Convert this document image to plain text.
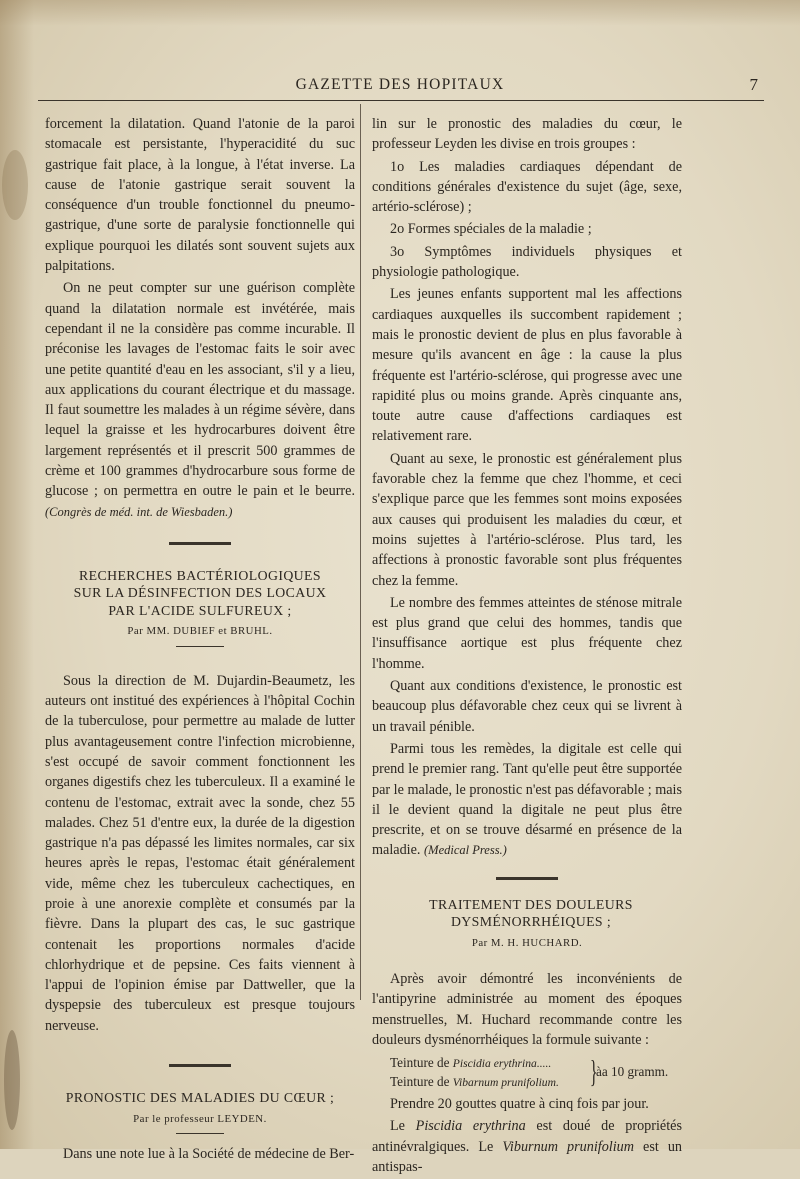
GAZETTE DES HOPITAUX	7

forcement la dilatation. Quand l'atonie de la paroi stomacale est persistante, l'hyperacidité du suc gastrique fait place, à la longue, à l'état inverse. La cause de l'atonie gastrique serait souvent la conséquence d'un trouble fonctionnel du pneumo-gastrique, d'une sorte de paralysie fonctionnelle qui explique pourquoi les dilatés sont souvent sujets aux palpitations.

On ne peut compter sur une guérison complète quand la dilatation normale est invétérée, mais cependant il ne la considère pas comme incurable. Il préconise les lavages de l'estomac faits le soir avec une petite quantité d'eau en les associant, s'il y a lieu, aux applications du courant électrique et du massage. Il faut soumettre les malades à un régime sévère, dans lequel la graisse et les hydrocarbures doivent être largement représentés et il prescrit 500 grammes de crème et 100 grammes d'hydrocarbure sous forme de glucose ; on permettra en outre le pain et le beurre. (Congrès de méd. int. de Wiesbaden.)

RECHERCHES BACTÉRIOLOGIQUES
SUR LA DÉSINFECTION DES LOCAUX
PAR L'ACIDE SULFUREUX ;

Par MM. DUBIEF et BRUHL.

Sous la direction de M. Dujardin-Beaumetz, les auteurs ont institué des expériences à l'hôpital Cochin de la tuberculose, pour permettre au malade de lutter plus avantageusement contre l'infection microbienne, s'est occupé de savoir comment fonctionnent les organes digestifs chez les tuberculeux. Il a examiné le contenu de l'estomac, extrait avec la sonde, chez 55 malades. Chez 51 d'entre eux, la durée de la digestion gastrique n'a pas dépassé les limites normales, car six heures après le repas, l'estomac était généralement vide, même chez les tuberculeux cachectiques, en proie à une anorexie complète et consumés par la fièvre. Dans la plupart des cas, le suc gastrique contenait les proportions normales d'acide chlorhydrique et de pepsine. Ces faits viennent à l'appui de l'opinion émise par Dattweller, que la dyspepsie des tuberculeux est presque toujours nerveuse.

PRONOSTIC DES MALADIES DU CŒUR ;

Par le professeur LEYDEN.

Dans une note lue à la Société de médecine de Ber-

lin sur le pronostic des maladies du cœur, le professeur Leyden les divise en trois groupes :

1o Les maladies cardiaques dépendant de conditions générales d'existence du sujet (âge, sexe, artério-sclérose) ;

2o Formes spéciales de la maladie ;

3o Symptômes individuels physiques et physiologie pathologique.

Les jeunes enfants supportent mal les affections cardiaques auxquelles ils succombent rapidement ; mais le pronostic devient de plus en plus favorable à mesure qu'ils avancent en âge : la cause la plus fréquente est l'artério-sclérose, qui progresse avec une rapidité plus ou moins grande. Après cinquante ans, toute autre cause d'affections cardiaques est relativement rare.

Quant au sexe, le pronostic est généralement plus favorable chez la femme que chez l'homme, et ceci s'explique parce que les femmes sont moins exposées aux causes qui produisent les maladies du cœur, et moins sujettes à l'artério-sclérose. Plus tard, les affections à pronostic favorable sont plus fréquentes chez la femme.

Le nombre des femmes atteintes de sténose mitrale est plus grand que celui des hommes, tandis que l'insuffisance aortique est plus fréquente chez l'homme.

Quant aux conditions d'existence, le pronostic est beaucoup plus défavorable chez ceux qui se livrent à un travail pénible.

Parmi tous les remèdes, la digitale est celle qui prend le premier rang. Tant qu'elle peut être supportée par le malade, le pronostic n'est pas défavorable ; mais il le devient quand la digitale ne peut plus être prescrite, et on se trouve désarmé en présence de la maladie. (Medical Press.)

TRAITEMENT DES DOULEURS DYSMÉNORRHÉIQUES ;

Par M. H. HUCHARD.

Après avoir démontré les inconvénients de l'antipyrine administrée au moment des époques menstruelles, M. Huchard recommande contre les douleurs dysménorrhéiques la formule suivante :

Teinture de Piscidia erythrina.....
Teinture de Vibarnum prunifolium. }
àa 10 gramm.

Prendre 20 gouttes quatre à cinq fois par jour.

Le Piscidia erythrina est doué de propriétés antinévralgiques. Le Viburnum prunifolium est un antispas-
